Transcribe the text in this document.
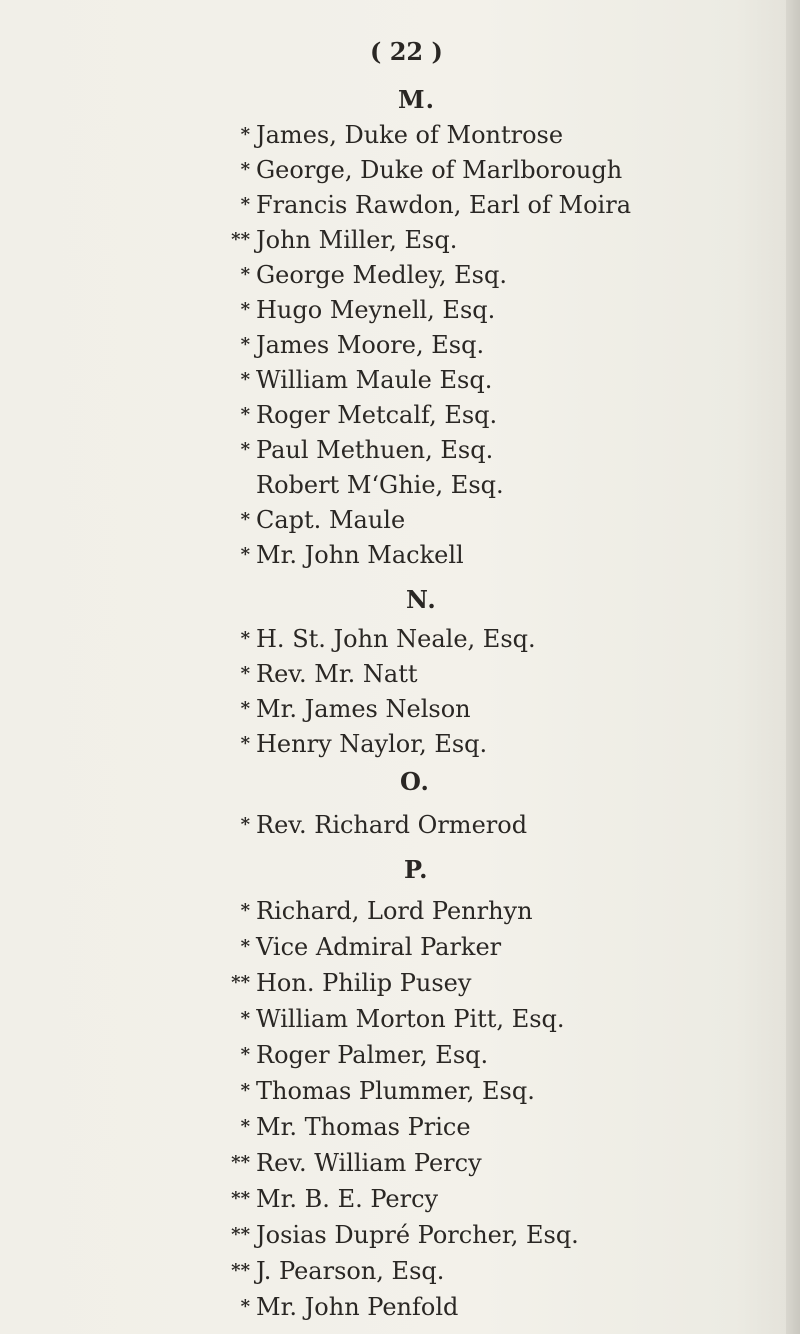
( 22 )
M.
* James, Duke of Montrose
* George, Duke of Marlborough
* Francis Rawdon, Earl of Moira
** John Miller, Esq.
* George Medley, Esq.
* Hugo Meynell, Esq.
* James Moore, Esq.
* William Maule Esq.
* Roger Metcalf, Esq.
* Paul Methuen, Esq.
Robert M‘Ghie, Esq.
* Capt. Maule
* Mr. John Mackell
N.
* H. St. John Neale, Esq.
* Rev. Mr. Natt
* Mr. James Nelson
* Henry Naylor, Esq.
O.
* Rev. Richard Ormerod
P.
* Richard, Lord Penrhyn
* Vice Admiral Parker
** Hon. Philip Pusey
* William Morton Pitt, Esq.
* Roger Palmer, Esq.
* Thomas Plummer, Esq.
* Mr. Thomas Price
** Rev. William Percy
** Mr. B. E. Percy
** Josias Dupré Porcher, Esq.
** J. Pearson, Esq.
* Mr. John Penfold
